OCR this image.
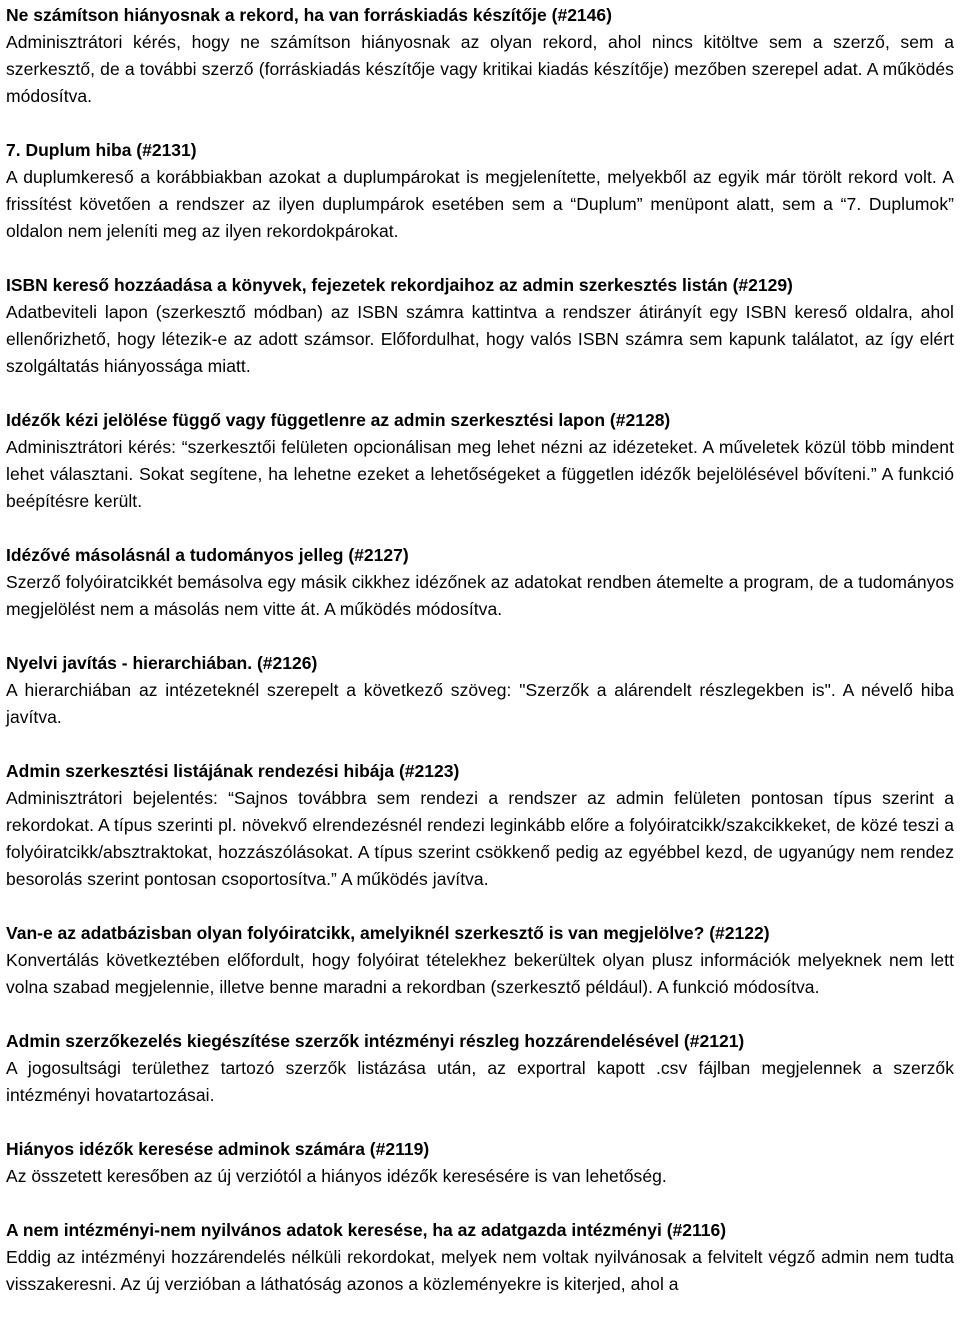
Ne számítson hiányosnak a rekord, ha van forráskiadás készítője (#2146)

Adminisztrátori kérés, hogy ne számítson hiányosnak az olyan rekord, ahol nincs kitöltve sem a szerző, sem a szerkesztő, de a további szerző (forráskiadás készítője vagy kritikai kiadás készítője) mezőben szerepel adat. A működés módosítva.

7. Duplum hiba (#2131)

A duplumkereső a korábbiakban azokat a duplumpárokat is megjelenítette, melyekből az egyik már törölt rekord volt. A frissítést követően a rendszer az ilyen duplumpárok esetében sem a “Duplum” menüpont alatt, sem a “7. Duplumok” oldalon nem jeleníti meg az ilyen rekordokpárokat.

ISBN kereső hozzáadása a könyvek, fejezetek rekordjaihoz az admin szerkesztés listán (#2129)

Adatbeviteli lapon (szerkesztő módban) az ISBN számra kattintva a rendszer átirányít egy ISBN kereső oldalra, ahol ellenőrizhető, hogy létezik-e az adott számsor. Előfordulhat, hogy valós ISBN számra sem kapunk találatot, az így elért szolgáltatás hiányossága miatt.

Idézők kézi jelölése függő vagy függetlenre az admin szerkesztési lapon (#2128)

Adminisztrátori kérés: “szerkesztői felületen opcionálisan meg lehet nézni az idézeteket. A műveletek közül több mindent lehet választani. Sokat segítene, ha lehetne ezeket a lehetőségeket a független idézők bejelölésével bővíteni.” A funkció beépítésre került.

Idézővé másolásnál a tudományos jelleg (#2127)

Szerző folyóiratcikkét bemásolva egy másik cikkhez idézőnek az adatokat rendben átemelte a program, de a tudományos megjelölést nem a másolás nem vitte át. A működés módosítva.

Nyelvi javítás - hierarchiában. (#2126)

A hierarchiában az intézeteknél szerepelt a következő szöveg: "Szerzők a alárendelt részlegekben is". A névelő hiba javítva.

Admin szerkesztési listájának rendezési hibája (#2123)

Adminisztrátori bejelentés: “Sajnos továbbra sem rendezi a rendszer az admin felületen pontosan típus szerint a rekordokat. A típus szerinti pl. növekvő elrendezésnél rendezi leginkább előre a folyóiratcikk/szakcikkeket, de közé teszi a folyóiratcikk/absztraktokat, hozzászólásokat. A típus szerint csökkenő pedig az egyébbel kezd, de ugyanúgy nem rendez besorolás szerint pontosan csoportosítva.” A működés javítva.

Van-e az adatbázisban olyan folyóiratcikk, amelyiknél szerkesztő is van megjelölve? (#2122)

Konvertálás következtében előfordult, hogy folyóirat tételekhez bekerültek olyan plusz információk melyeknek nem lett volna szabad megjelennie, illetve benne maradni a rekordban (szerkesztő például). A funkció módosítva.

Admin szerzőkezelés kiegészítése szerzők intézményi részleg hozzárendelésével (#2121)

A jogosultsági területhez tartozó szerzők listázása után, az exportral kapott .csv fájlban megjelennek a szerzők intézményi hovatartozásai.

Hiányos idézők keresése adminok számára (#2119)

Az összetett keresőben az új verziótól a hiányos idézők keresésére is van lehetőség.

A nem intézményi-nem nyilvános adatok keresése, ha az adatgazda intézményi (#2116)

Eddig az intézményi hozzárendelés nélküli rekordokat, melyek nem voltak nyilvánosak a felvitelt végző admin nem tudta visszakeresni. Az új verzióban a láthatóság azonos a közleményekre is kiterjed, ahol a
